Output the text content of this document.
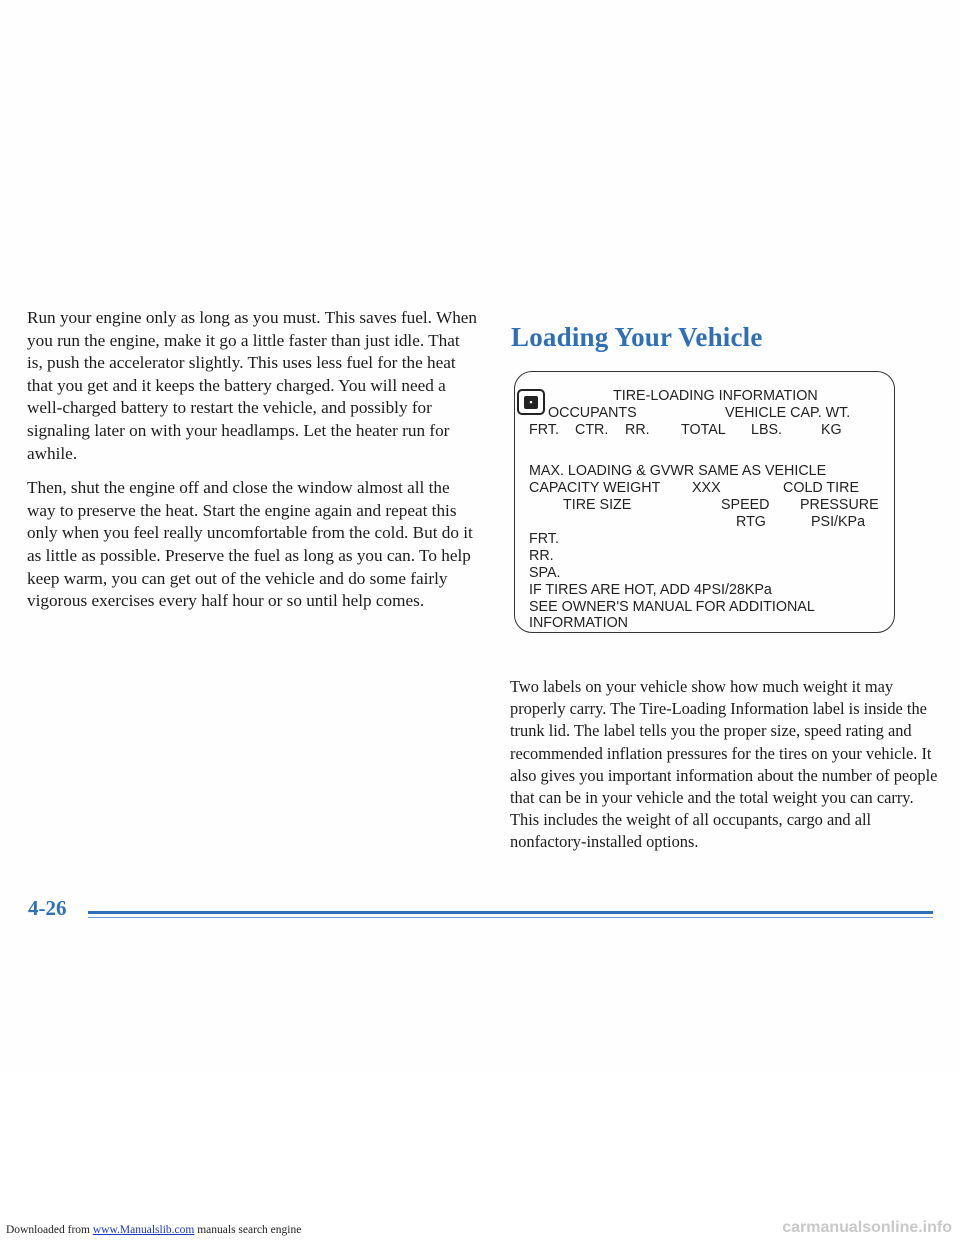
Run your engine only as long as you must. This saves fuel. When you run the engine, make it go a little faster than just idle. That is, push the accelerator slightly. This uses less fuel for the heat that you get and it keeps the battery charged. You will need a well-charged battery to restart the vehicle, and possibly for signaling later on with your headlamps. Let the heater run for awhile.

Then, shut the engine off and close the window almost all the way to preserve the heat. Start the engine again and repeat this only when you feel really uncomfortable from the cold. But do it as little as possible. Preserve the fuel as long as you can. To help keep warm, you can get out of the vehicle and do some fairly vigorous exercises every half hour or so until help comes.

Loading Your Vehicle
▪	TIRE-LOADING INFORMATION
OCCUPANTS	VEHICLE CAP. WT.
FRT. CTR. RR. TOTAL LBS.	KG
MAX. LOADING & GVWR SAME AS VEHICLE
CAPACITY WEIGHT XXX	COLD TIRE
TIRE SIZE	SPEED PRESSURE
RTG	PSI/KPa
FRT.
RR.
SPA.
IF TIRES ARE HOT, ADD 4PSI/28KPa
SEE OWNER'S MANUAL FOR ADDITIONAL
INFORMATION

Two labels on your vehicle show how much weight it may properly carry. The Tire-Loading Information label is inside the trunk lid. The label tells you the proper size, speed rating and recommended inflation pressures for the tires on your vehicle. It also gives you important information about the number of people that can be in your vehicle and the total weight you can carry. This includes the weight of all occupants, cargo and all nonfactory-installed options.

4-26
Downloaded from www.Manualslib.com manuals search engine	carmanualsonline.info
